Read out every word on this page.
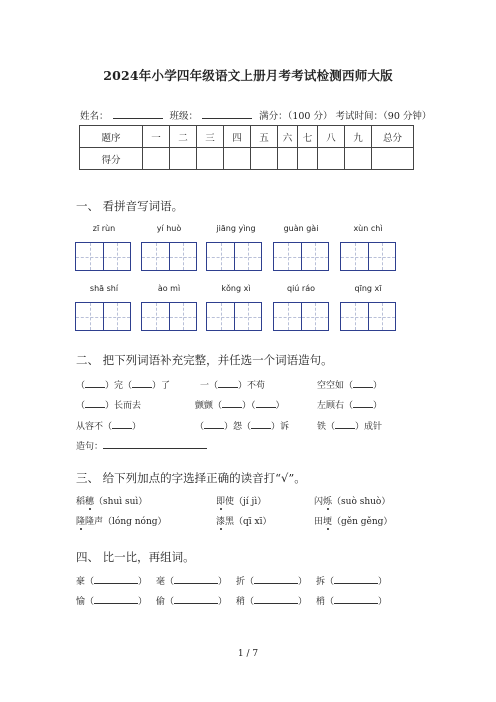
2024年小学四年级语文上册月考考试检测西师大版
姓名：	班级：	满分：（100 分） 考试时间：（90 分钟）
题序	一	二	三	四	五	六	七	八	九	总分
得分										
一、 看拼音写词语。
zī rùn	yí huò	jiāng yìng	guàn gài	xùn chì
shā shí	ào mì	kǒng xì	qiú ráo	qīng xī
二、 把下列词语补充完整，并任选一个词语造句。
（ ）完（ ）了	一（ ）不苟	空空如（ ）
（ ）长而去	颤颤（ ）（ ）	左顾右（ ）
从容不（ ）	（ ）怨（ ）诉	铁（ ）成针
造句：
三、 给下列加点的字选择正确的读音打“√”。
稻穗（shuì suì）	即使（jí jì）	闪烁（suò shuò）
隆隆声（lóng nóng）	漆黑（qī xī）	田埂（gěn gěng）
四、 比一比，再组词。
豪（	） 毫（	） 折（	） 拆（	）
愉（	） 偷（	） 稍（	） 梢（	）
1 / 7
